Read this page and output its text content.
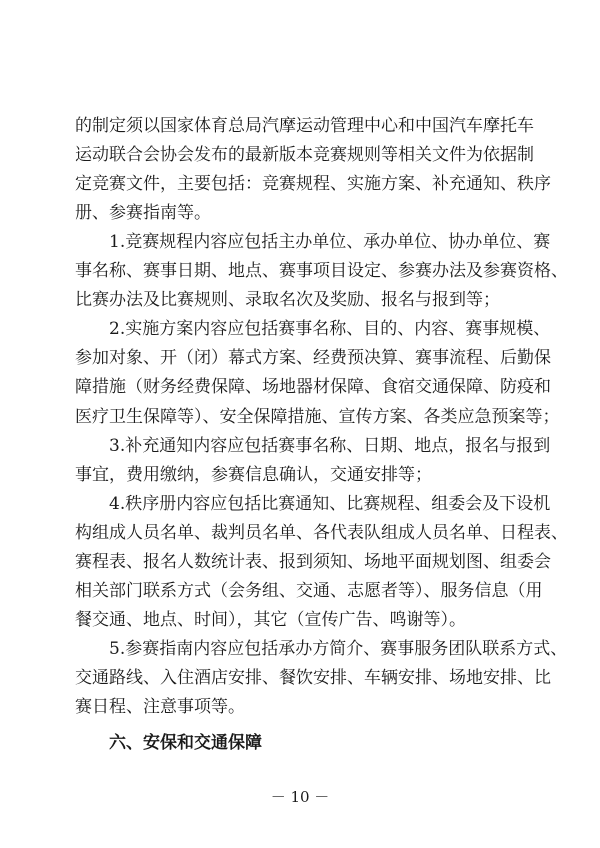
的制定须以国家体育总局汽摩运动管理中心和中国汽车摩托车
运动联合会协会发布的最新版本竞赛规则等相关文件为依据制
定竞赛文件，主要包括：竞赛规程、实施方案、补充通知、秩序
册、参赛指南等。
1.竞赛规程内容应包括主办单位、承办单位、协办单位、赛
事名称、赛事日期、地点、赛事项目设定、参赛办法及参赛资格、
比赛办法及比赛规则、录取名次及奖励、报名与报到等；
2.实施方案内容应包括赛事名称、目的、内容、赛事规模、
参加对象、开（闭）幕式方案、经费预决算、赛事流程、后勤保
障措施（财务经费保障、场地器材保障、食宿交通保障、防疫和
医疗卫生保障等）、安全保障措施、宣传方案、各类应急预案等；
3.补充通知内容应包括赛事名称、日期、地点，报名与报到
事宜，费用缴纳，参赛信息确认，交通安排等；
4.秩序册内容应包括比赛通知、比赛规程、组委会及下设机
构组成人员名单、裁判员名单、各代表队组成人员名单、日程表、
赛程表、报名人数统计表、报到须知、场地平面规划图、组委会
相关部门联系方式（会务组、交通、志愿者等）、服务信息（用
餐交通、地点、时间），其它（宣传广告、鸣谢等）。
5.参赛指南内容应包括承办方简介、赛事服务团队联系方式、
交通路线、入住酒店安排、餐饮安排、车辆安排、场地安排、比
赛日程、注意事项等。
六、安保和交通保障
－ 10 －
